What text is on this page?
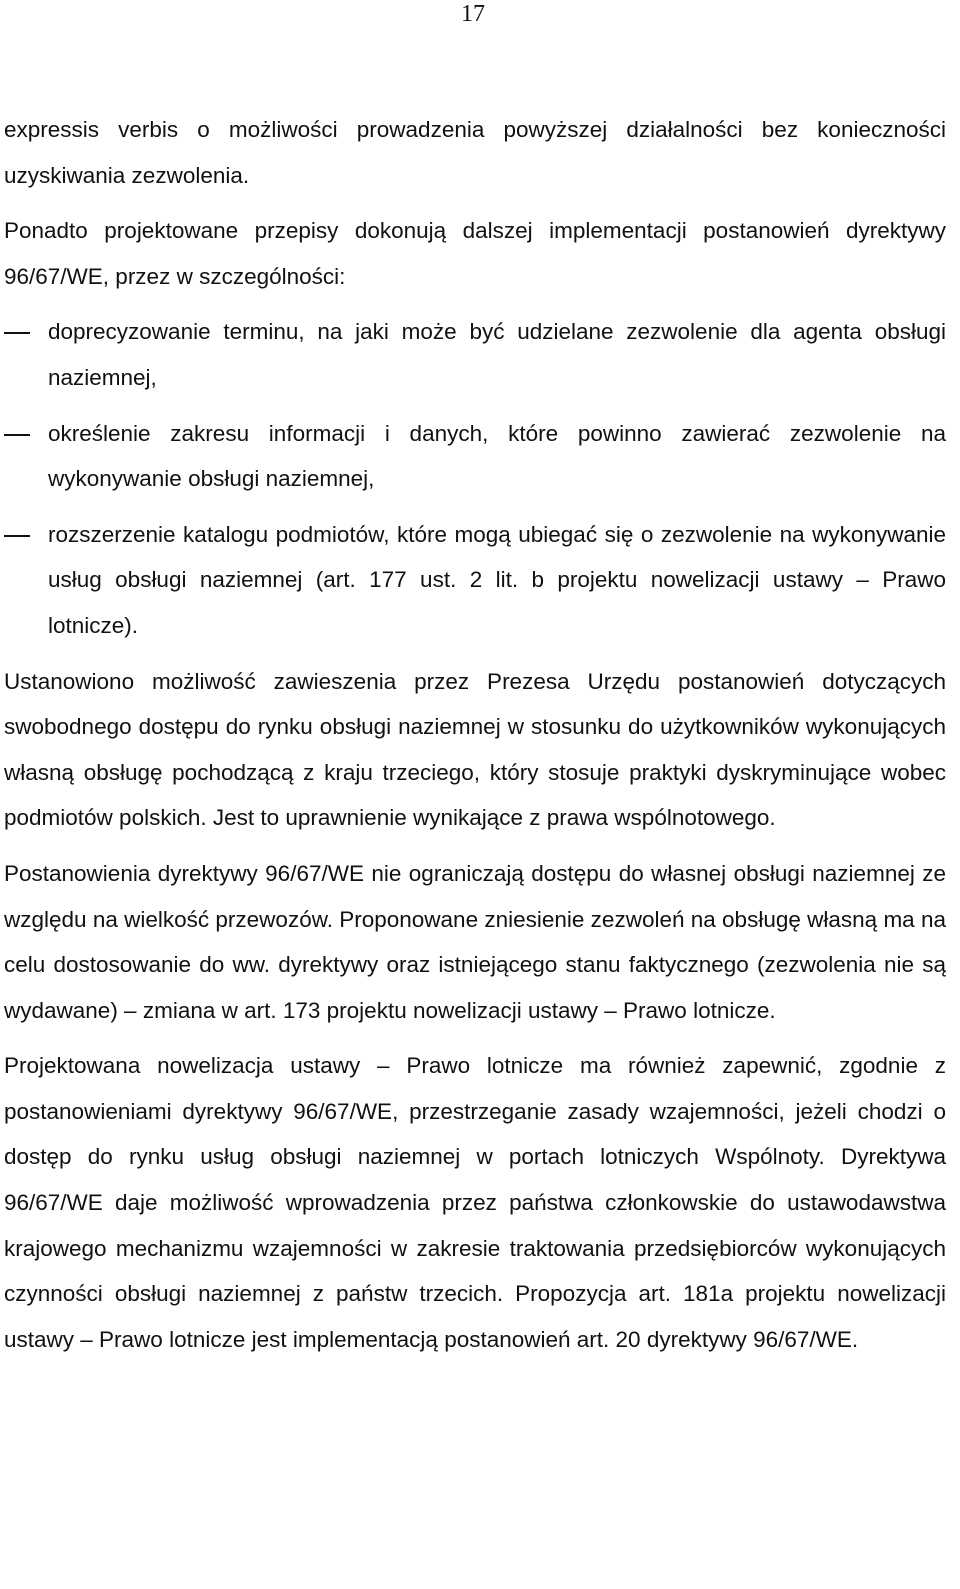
17

expressis verbis o możliwości prowadzenia powyższej działalności bez konieczności uzyskiwania zezwolenia.

Ponadto projektowane przepisy dokonują dalszej implementacji postanowień dyrektywy 96/67/WE, przez w szczególności:

doprecyzowanie terminu, na jaki może być udzielane zezwolenie dla agenta obsługi naziemnej,
określenie zakresu informacji i danych, które powinno zawierać zezwolenie na wykonywanie obsługi naziemnej,
rozszerzenie katalogu podmiotów, które mogą ubiegać się o zezwolenie na wykonywanie usług obsługi naziemnej (art. 177 ust. 2 lit. b projektu nowelizacji ustawy – Prawo lotnicze).

Ustanowiono możliwość zawieszenia przez Prezesa Urzędu postanowień dotyczących swobodnego dostępu do rynku obsługi naziemnej w stosunku do użytkowników wykonujących własną obsługę pochodzącą z kraju trzeciego, który stosuje praktyki dyskryminujące wobec podmiotów polskich. Jest to uprawnienie wynikające z prawa wspólnotowego.

Postanowienia dyrektywy 96/67/WE nie ograniczają dostępu do własnej obsługi naziemnej ze względu na wielkość przewozów. Proponowane zniesienie zezwoleń na obsługę własną ma na celu dostosowanie do ww. dyrektywy oraz istniejącego stanu faktycznego (zezwolenia nie są wydawane) – zmiana w art. 173 projektu nowelizacji ustawy – Prawo lotnicze.

Projektowana nowelizacja ustawy – Prawo lotnicze ma również zapewnić, zgodnie z postanowieniami dyrektywy 96/67/WE, przestrzeganie zasady wzajemności, jeżeli chodzi o dostęp do rynku usług obsługi naziemnej w portach lotniczych Wspólnoty. Dyrektywa 96/67/WE daje możliwość wprowadzenia przez państwa członkowskie do ustawodawstwa krajowego mechanizmu wzajemności w zakresie traktowania przedsiębiorców wykonujących czynności obsługi naziemnej z państw trzecich. Propozycja art. 181a projektu nowelizacji ustawy – Prawo lotnicze jest implementacją postanowień art. 20 dyrektywy 96/67/WE.
